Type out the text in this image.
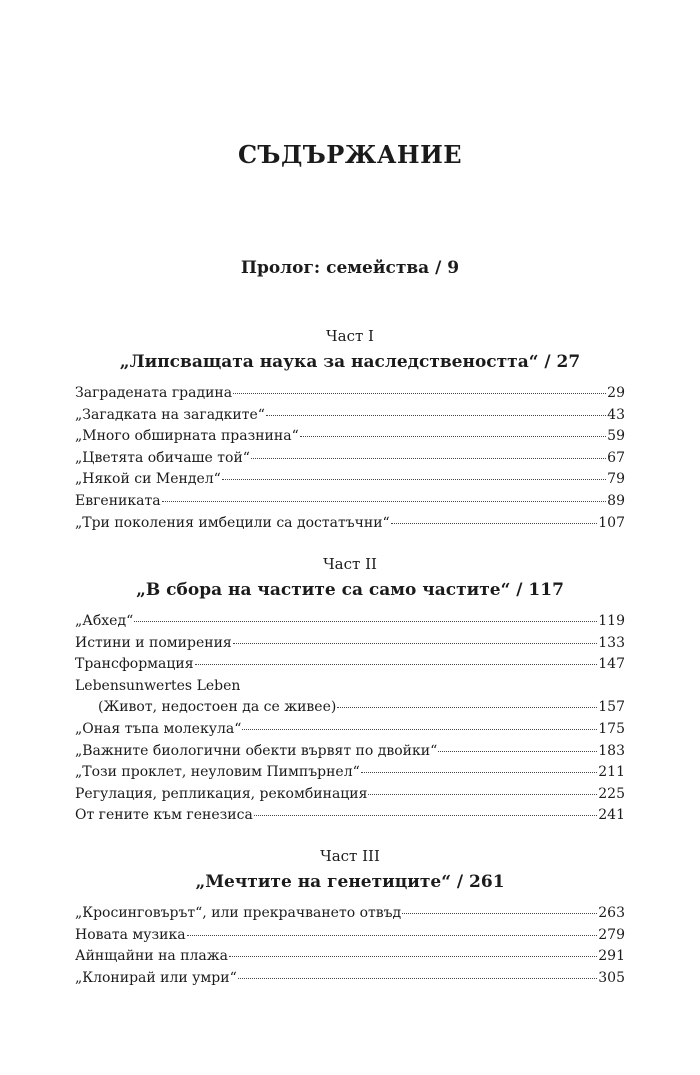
СЪДЪРЖАНИЕ
Пролог: семейства / 9
Част I
„Липсващата наука за наследствеността“ / 27
Заградената градина	29
„Загадката на загадките“	43
„Много обширната празнина“	59
„Цветята обичаше той“	67
„Някой си Мендел“	79
Евгениката	89
„Три поколения имбецили са достатъчни“	107
Част II
„В сбора на частите са само частите“ / 117
„Абхед“	119
Истини и помирения	133
Трансформация	147
Lebensunwertes Leben
(Живот, недостоен да се живее)	157
„Оная тъпа молекула“	175
„Важните биологични обекти вървят по двойки“	183
„Този проклет, неуловим Пимпърнел“	211
Регулация, репликация, рекомбинация	225
От гените към генезиса	241
Част III
„Мечтите на генетиците“ / 261
„Кросинговърът“, или прекрачването отвъд	263
Новата музика	279
Айнщайни на плажа	291
„Клонирай или умри“	305
